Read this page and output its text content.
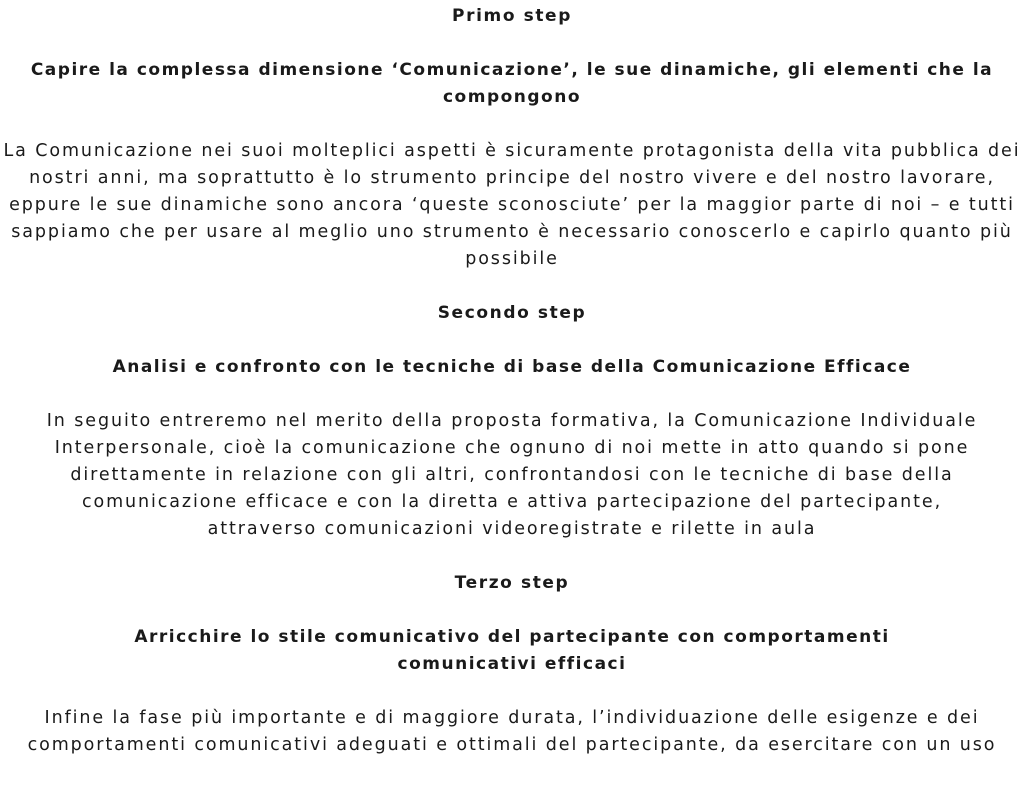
Primo step
Capire la complessa dimensione ‘Comunicazione’, le sue dinamiche, gli elementi che la compongono
La Comunicazione nei suoi molteplici aspetti è sicuramente protagonista della vita pubblica dei nostri anni, ma soprattutto è lo strumento principe del nostro vivere e del nostro lavorare, eppure le sue dinamiche sono ancora ‘queste sconosciute’ per la maggior parte di noi – e tutti sappiamo che per usare al meglio uno strumento è necessario conoscerlo e capirlo quanto più possibile
Secondo step
Analisi e confronto con le tecniche di base della Comunicazione Efficace
In seguito entreremo nel merito della proposta formativa, la Comunicazione Individuale Interpersonale, cioè la comunicazione che ognuno di noi mette in atto quando si pone direttamente in relazione con gli altri, confrontandosi con le tecniche di base della comunicazione efficace e con la diretta e attiva partecipazione del partecipante, attraverso comunicazioni videoregistrate e rilette in aula
Terzo step
Arricchire lo stile comunicativo del partecipante con comportamenti comunicativi efficaci
Infine la fase più importante e di maggiore durata, l’individuazione delle esigenze e dei comportamenti comunicativi adeguati e ottimali del partecipante, da esercitare con un uso
